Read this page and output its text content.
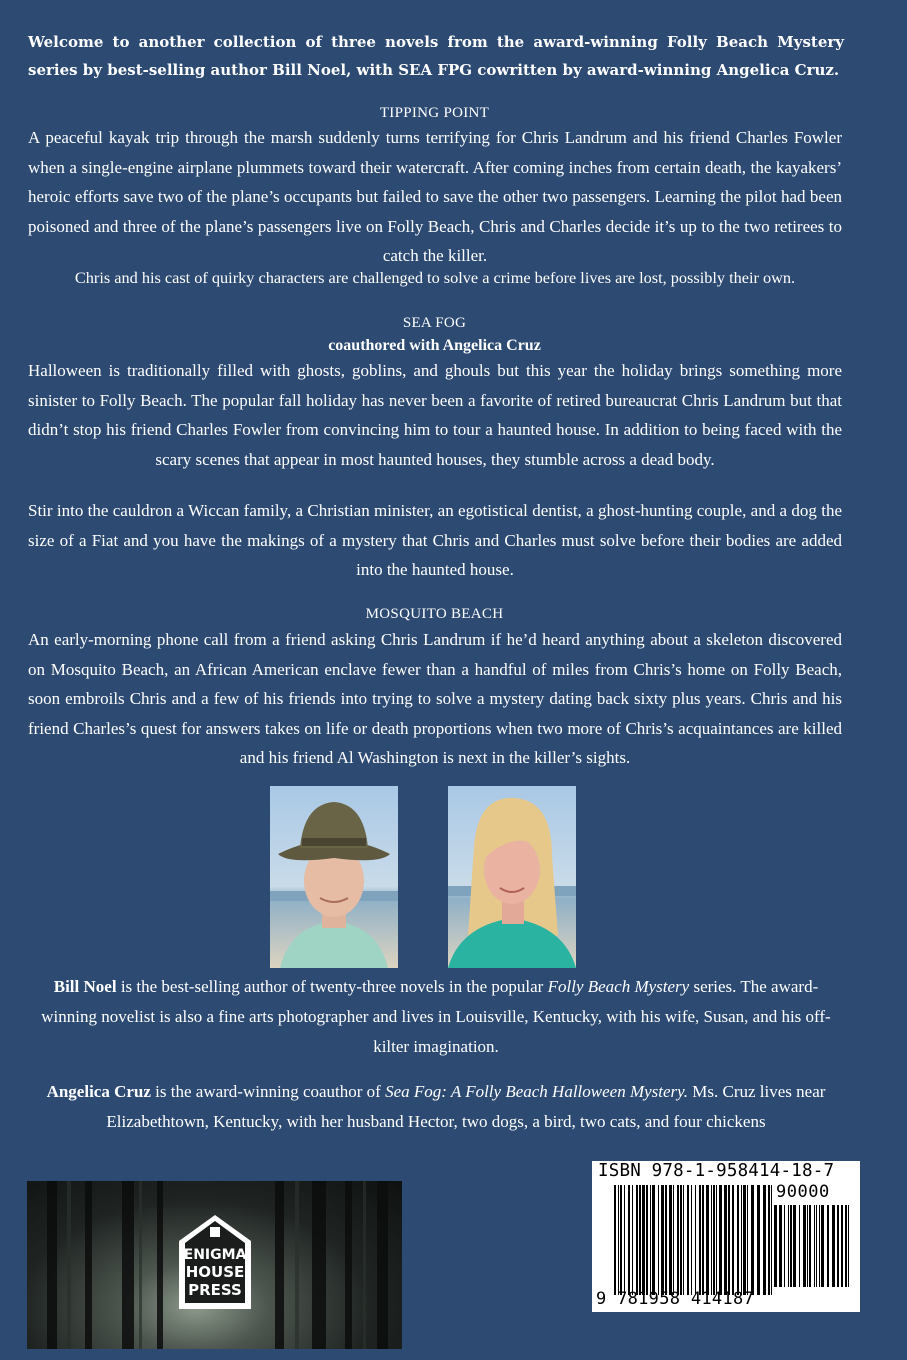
Welcome to another collection of three novels from the award-winning Folly Beach Mystery series by best-selling author Bill Noel, with SEA FPG cowritten by award-winning Angelica Cruz.
TIPPING POINT
A peaceful kayak trip through the marsh suddenly turns terrifying for Chris Landrum and his friend Charles Fowler when a single-engine airplane plummets toward their watercraft. After coming inches from certain death, the kayakers’ heroic efforts save two of the plane’s occupants but failed to save the other two passengers. Learning the pilot had been poisoned and three of the plane’s passengers live on Folly Beach, Chris and Charles decide it’s up to the two retirees to catch the killer.
Chris and his cast of quirky characters are challenged to solve a crime before lives are lost, possibly their own.
SEA FOG
coauthored with Angelica Cruz
Halloween is traditionally filled with ghosts, goblins, and ghouls but this year the holiday brings something more sinister to Folly Beach. The popular fall holiday has never been a favorite of retired bureaucrat Chris Landrum but that didn’t stop his friend Charles Fowler from convincing him to tour a haunted house. In addition to being faced with the scary scenes that appear in most haunted houses, they stumble across a dead body.
Stir into the cauldron a Wiccan family, a Christian minister, an egotistical dentist, a ghost-hunting couple, and a dog the size of a Fiat and you have the makings of a mystery that Chris and Charles must solve before their bodies are added into the haunted house.
MOSQUITO BEACH
An early-morning phone call from a friend asking Chris Landrum if he’d heard anything about a skeleton discovered on Mosquito Beach, an African American enclave fewer than a handful of miles from Chris’s home on Folly Beach, soon embroils Chris and a few of his friends into trying to solve a mystery dating back sixty plus years. Chris and his friend Charles’s quest for answers takes on life or death proportions when two more of Chris’s acquaintances are killed and his friend Al Washington is next in the killer’s sights.
Bill Noel is the best-selling author of twenty-three novels in the popular Folly Beach Mystery series. The award-winning novelist is also a fine arts photographer and lives in Louisville, Kentucky, with his wife, Susan, and his off-kilter imagination.
Angelica Cruz is the award-winning coauthor of Sea Fog: A Folly Beach Halloween Mystery. Ms. Cruz lives near Elizabethtown, Kentucky, with her husband Hector, two dogs, a bird, two cats, and four chickens
ENIGMA
HOUSE
PRESS
ISBN 978-1-958414-18-7
90000
9 781958 414187
